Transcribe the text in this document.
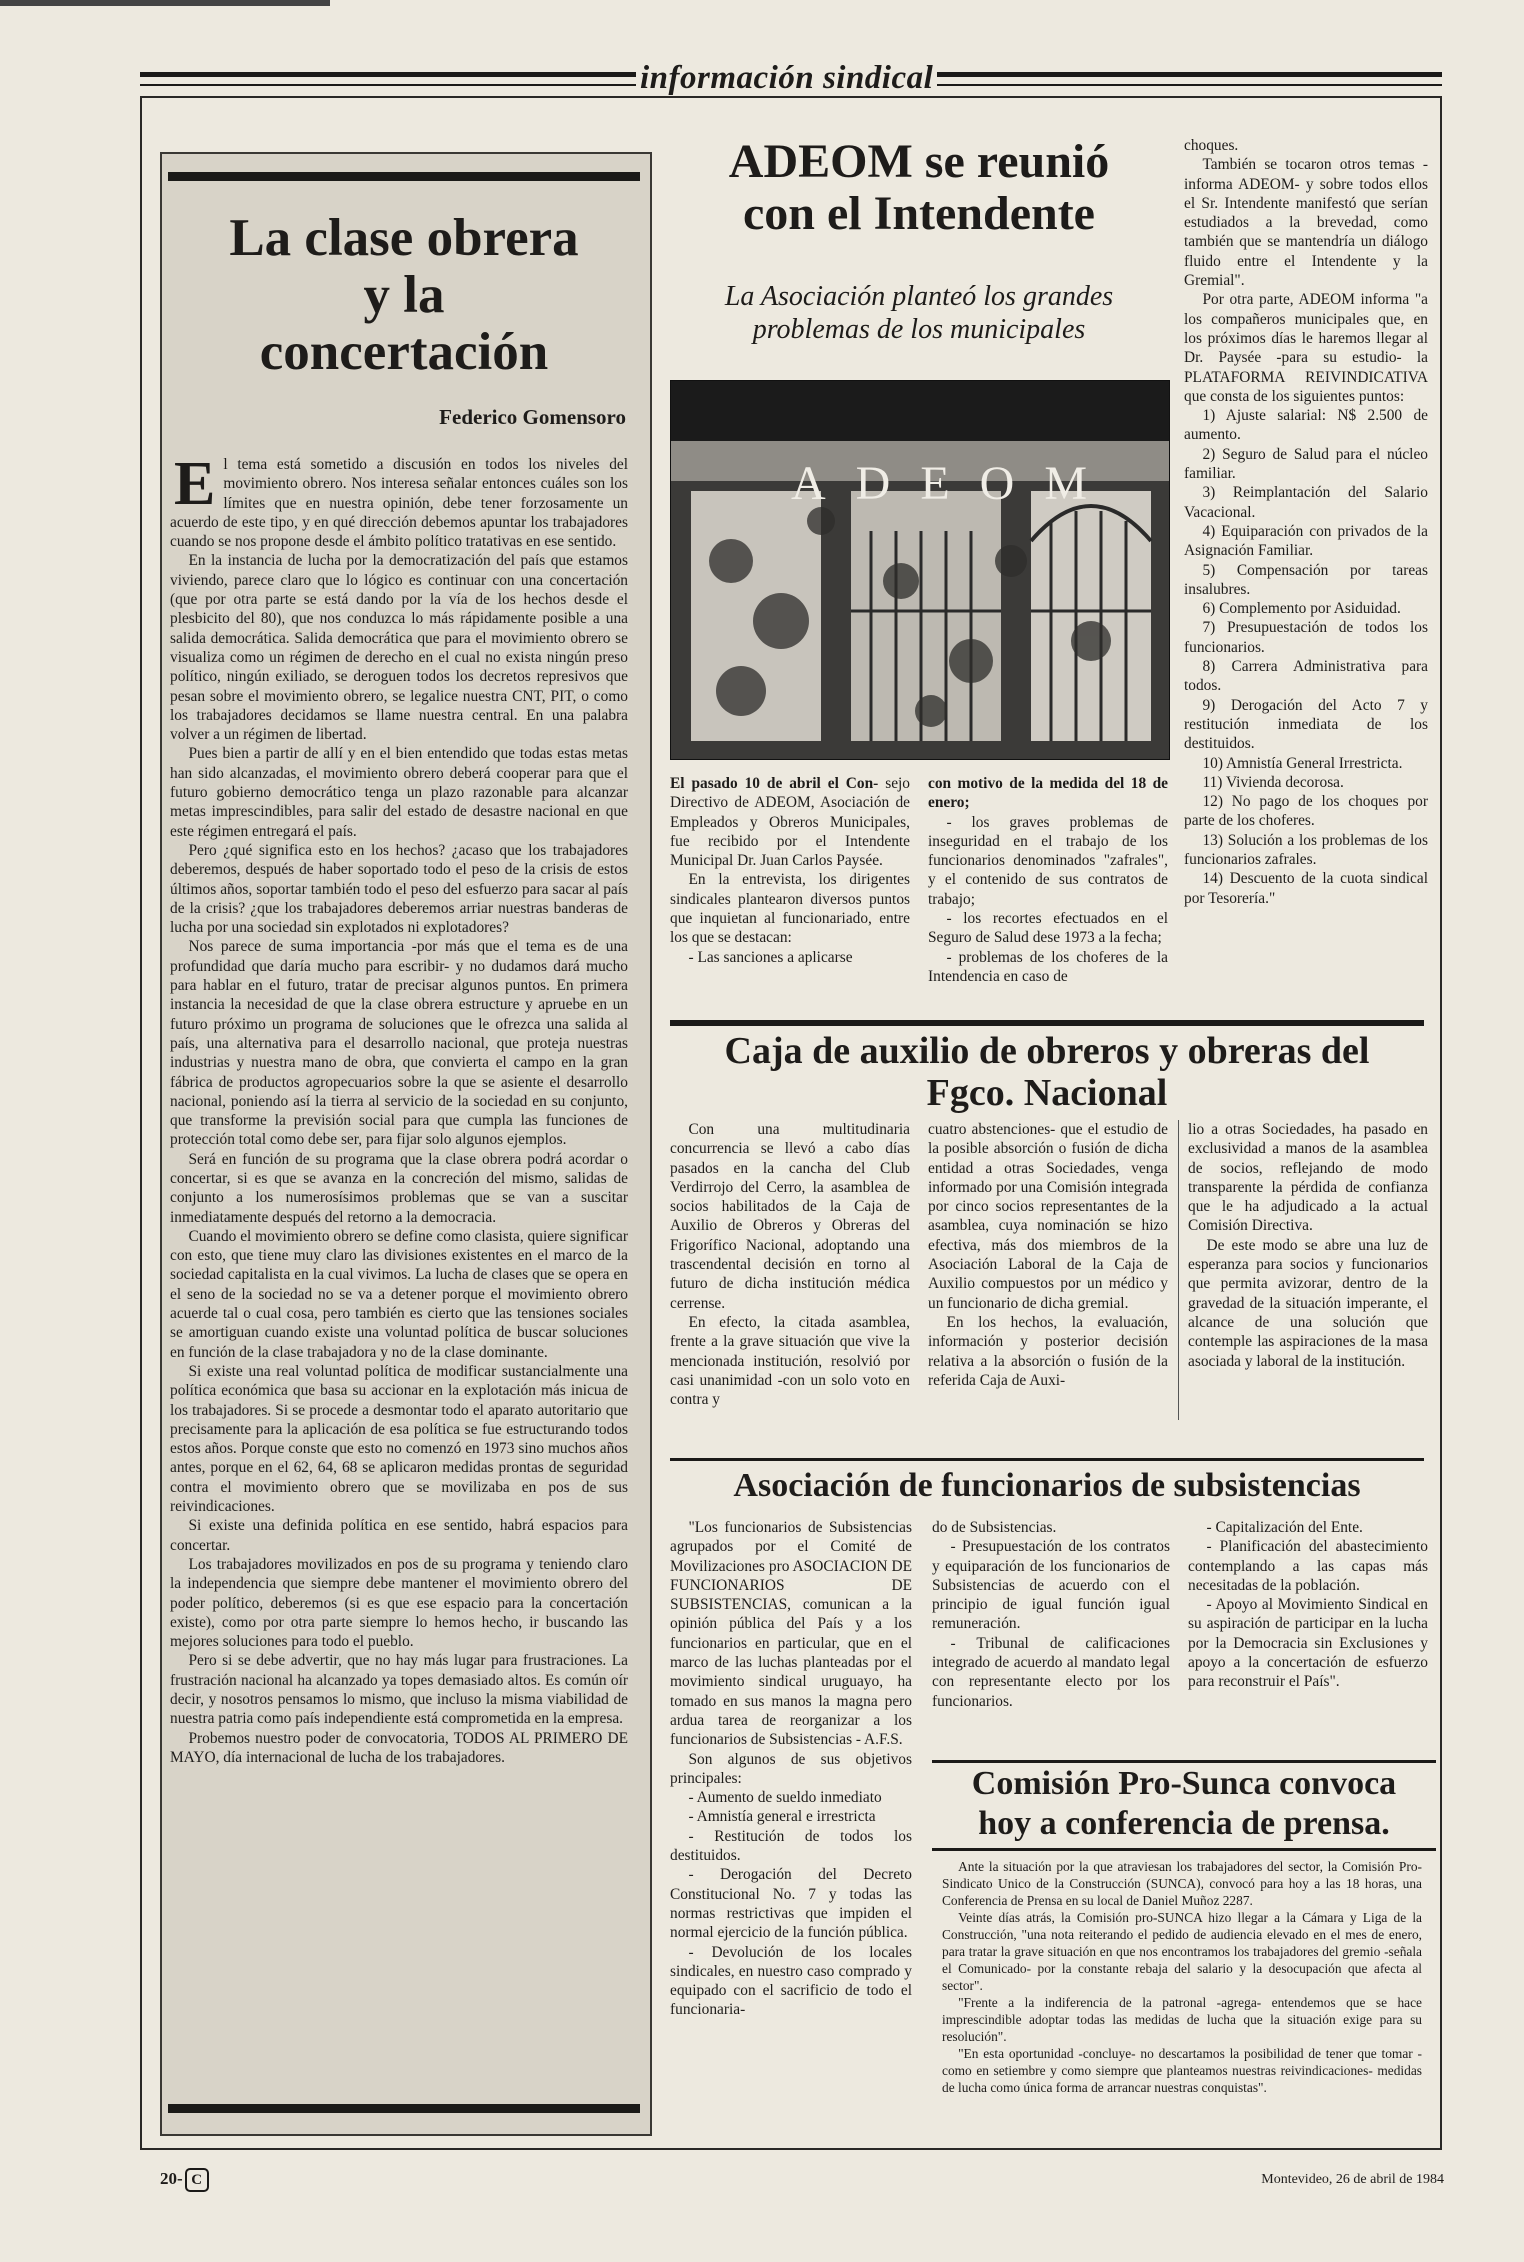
información sindical
La clase obrera
y la
concertación
Federico Gomensoro
E l tema está sometido a discusión en todos los niveles del movimiento obrero. Nos interesa señalar entonces cuáles son los límites que en nuestra opinión, debe tener forzosamente un acuerdo de este tipo, y en qué dirección debemos apuntar los trabajadores cuando se nos propone desde el ámbito político tratativas en ese sentido.

En la instancia de lucha por la democratización del país que estamos viviendo, parece claro que lo lógico es continuar con una concertación (que por otra parte se está dando por la vía de los hechos desde el plesbicito del 80), que nos conduzca lo más rápidamente posible a una salida democrática. Salida democrática que para el movimiento obrero se visualiza como un régimen de derecho en el cual no exista ningún preso político, ningún exiliado, se deroguen todos los decretos represivos que pesan sobre el movimiento obrero, se legalice nuestra CNT, PIT, o como los trabajadores decidamos se llame nuestra central. En una palabra volver a un régimen de libertad.

Pues bien a partir de allí y en el bien entendido que todas estas metas han sido alcanzadas, el movimiento obrero deberá cooperar para que el futuro gobierno democrático tenga un plazo razonable para alcanzar metas imprescindibles, para salir del estado de desastre nacional en que este régimen entregará el país.

Pero ¿qué significa esto en los hechos? ¿acaso que los trabajadores deberemos, después de haber soportado todo el peso de la crisis de estos últimos años, soportar también todo el peso del esfuerzo para sacar al país de la crisis? ¿que los trabajadores deberemos arriar nuestras banderas de lucha por una sociedad sin explotados ni explotadores?

Nos parece de suma importancia -por más que el tema es de una profundidad que daría mucho para escribir- y no dudamos dará mucho para hablar en el futuro, tratar de precisar algunos puntos. En primera instancia la necesidad de que la clase obrera estructure y apruebe en un futuro próximo un programa de soluciones que le ofrezca una salida al país, una alternativa para el desarrollo nacional, que proteja nuestras industrias y nuestra mano de obra, que convierta el campo en la gran fábrica de productos agropecuarios sobre la que se asiente el desarrollo nacional, poniendo así la tierra al servicio de la sociedad en su conjunto, que transforme la previsión social para que cumpla las funciones de protección total como debe ser, para fijar solo algunos ejemplos.

Será en función de su programa que la clase obrera podrá acordar o concertar, si es que se avanza en la concreción del mismo, salidas de conjunto a los numerosísimos problemas que se van a suscitar inmediatamente después del retorno a la democracia.

Cuando el movimiento obrero se define como clasista, quiere significar con esto, que tiene muy claro las divisiones existentes en el marco de la sociedad capitalista en la cual vivimos. La lucha de clases que se opera en el seno de la sociedad no se va a detener porque el movimiento obrero acuerde tal o cual cosa, pero también es cierto que las tensiones sociales se amortiguan cuando existe una voluntad política de buscar soluciones en función de la clase trabajadora y no de la clase dominante.

Si existe una real voluntad política de modificar sustancialmente una política económica que basa su accionar en la explotación más inicua de los trabajadores. Si se procede a desmontar todo el aparato autoritario que precisamente para la aplicación de esa política se fue estructurando todos estos años. Porque conste que esto no comenzó en 1973 sino muchos años antes, porque en el 62, 64, 68 se aplicaron medidas prontas de seguridad contra el movimiento obrero que se movilizaba en pos de sus reivindicaciones.

Si existe una definida política en ese sentido, habrá espacios para concertar.

Los trabajadores movilizados en pos de su programa y teniendo claro la independencia que siempre debe mantener el movimiento obrero del poder político, deberemos (si es que ese espacio para la concertación existe), como por otra parte siempre lo hemos hecho, ir buscando las mejores soluciones para todo el pueblo.

Pero si se debe advertir, que no hay más lugar para frustraciones. La frustración nacional ha alcanzado ya topes demasiado altos. Es común oír decir, y nosotros pensamos lo mismo, que incluso la misma viabilidad de nuestra patria como país independiente está comprometida en la empresa.

Probemos nuestro poder de convocatoria, TODOS AL PRIMERO DE MAYO, día internacional de lucha de los trabajadores.

ADEOM se reunió
con el Intendente
La Asociación planteó los grandes
problemas de los municipales
ADEOM

El pasado 10 de abril el Con- sejo Directivo de ADEOM, Asociación de Empleados y Obreros Municipales, fue recibido por el Intendente Municipal Dr. Juan Carlos Paysée.

En la entrevista, los dirigentes sindicales plantearon diversos puntos que inquietan al funcionariado, entre los que se destacan:

- Las sanciones a aplicarse

con motivo de la medida del 18 de enero;

- los graves problemas de inseguridad en el trabajo de los funcionarios denominados "zafrales", y el contenido de sus contratos de trabajo;

- los recortes efectuados en el Seguro de Salud dese 1973 a la fecha;

- problemas de los choferes de la Intendencia en caso de

choques.

También se tocaron otros temas -informa ADEOM- y sobre todos ellos el Sr. Intendente manifestó que serían estudiados a la brevedad, como también que se mantendría un diálogo fluido entre el Intendente y la Gremial".

Por otra parte, ADEOM informa "a los compañeros municipales que, en los próximos días le haremos llegar al Dr. Paysée -para su estudio- la PLATAFORMA REIVINDICATIVA que consta de los siguientes puntos:

1) Ajuste salarial: N$ 2.500 de aumento.

2) Seguro de Salud para el núcleo familiar.

3) Reimplantación del Salario Vacacional.

4) Equiparación con privados de la Asignación Familiar.

5) Compensación por tareas insalubres.

6) Complemento por Asiduidad.

7) Presupuestación de todos los funcionarios.

8) Carrera Administrativa para todos.

9) Derogación del Acto 7 y restitución inmediata de los destituidos.

10) Amnistía General Irrestricta.

11) Vivienda decorosa.

12) No pago de los choques por parte de los choferes.

13) Solución a los problemas de los funcionarios zafrales.

14) Descuento de la cuota sindical por Tesorería."

Caja de auxilio de obreros y obreras del
Fgco. Nacional

Con una multitudinaria concurrencia se llevó a cabo días pasados en la cancha del Club Verdirrojo del Cerro, la asamblea de socios habilitados de la Caja de Auxilio de Obreros y Obreras del Frigorífico Nacional, adoptando una trascendental decisión en torno al futuro de dicha institución médica cerrense.

En efecto, la citada asamblea, frente a la grave situación que vive la mencionada institución, resolvió por casi unanimidad -con un solo voto en contra y

cuatro abstenciones- que el estudio de la posible absorción o fusión de dicha entidad a otras Sociedades, venga informado por una Comisión integrada por cinco socios representantes de la asamblea, cuya nominación se hizo efectiva, más dos miembros de la Asociación Laboral de la Caja de Auxilio compuestos por un médico y un funcionario de dicha gremial.

En los hechos, la evaluación, información y posterior decisión relativa a la absorción o fusión de la referida Caja de Auxi-

lio a otras Sociedades, ha pasado en exclusividad a manos de la asamblea de socios, reflejando de modo transparente la pérdida de confianza que le ha adjudicado a la actual Comisión Directiva.

De este modo se abre una luz de esperanza para socios y funcionarios que permita avizorar, dentro de la gravedad de la situación imperante, el alcance de una solución que contemple las aspiraciones de la masa asociada y laboral de la institución.

Asociación de funcionarios de subsistencias

"Los funcionarios de Subsistencias agrupados por el Comité de Movilizaciones pro ASOCIACION DE FUNCIONARIOS DE SUBSISTENCIAS, comunican a la opinión pública del País y a los funcionarios en particular, que en el marco de las luchas planteadas por el movimiento sindical uruguayo, ha tomado en sus manos la magna pero ardua tarea de reorganizar a los funcionarios de Subsistencias - A.F.S.

Son algunos de sus objetivos principales:

- Aumento de sueldo inmediato

- Amnistía general e irrestricta

- Restitución de todos los destituidos.

- Derogación del Decreto Constitucional No. 7 y todas las normas restrictivas que impiden el normal ejercicio de la función pública.

- Devolución de los locales sindicales, en nuestro caso comprado y equipado con el sacrificio de todo el funcionaria-

do de Subsistencias.

- Presupuestación de los contratos y equiparación de los funcionarios de Subsistencias de acuerdo con el principio de igual función igual remuneración.

- Tribunal de calificaciones integrado de acuerdo al mandato legal con representante electo por los funcionarios.

- Capitalización del Ente.

- Planificación del abastecimiento contemplando a las capas más necesitadas de la población.

- Apoyo al Movimiento Sindical en su aspiración de participar en la lucha por la Democracia sin Exclusiones y apoyo a la concertación de esfuerzo para reconstruir el País".

Comisión Pro-Sunca convoca
hoy a conferencia de prensa.

Ante la situación por la que atraviesan los trabajadores del sector, la Comisión Pro-Sindicato Unico de la Construcción (SUNCA), convocó para hoy a las 18 horas, una Conferencia de Prensa en su local de Daniel Muñoz 2287.

Veinte días atrás, la Comisión pro-SUNCA hizo llegar a la Cámara y Liga de la Construcción, "una nota reiterando el pedido de audiencia elevado en el mes de enero, para tratar la grave situación en que nos encontramos los trabajadores del gremio -señala el Comunicado- por la constante rebaja del salario y la desocupación que afecta al sector".

"Frente a la indiferencia de la patronal -agrega- entendemos que se hace imprescindible adoptar todas las medidas de lucha que la situación exige para su resolución".

"En esta oportunidad -concluye- no descartamos la posibilidad de tener que tomar -como en setiembre y como siempre que planteamos nuestras reivindicaciones- medidas de lucha como única forma de arrancar nuestras conquistas".

20- C	Montevideo, 26 de abril de 1984
